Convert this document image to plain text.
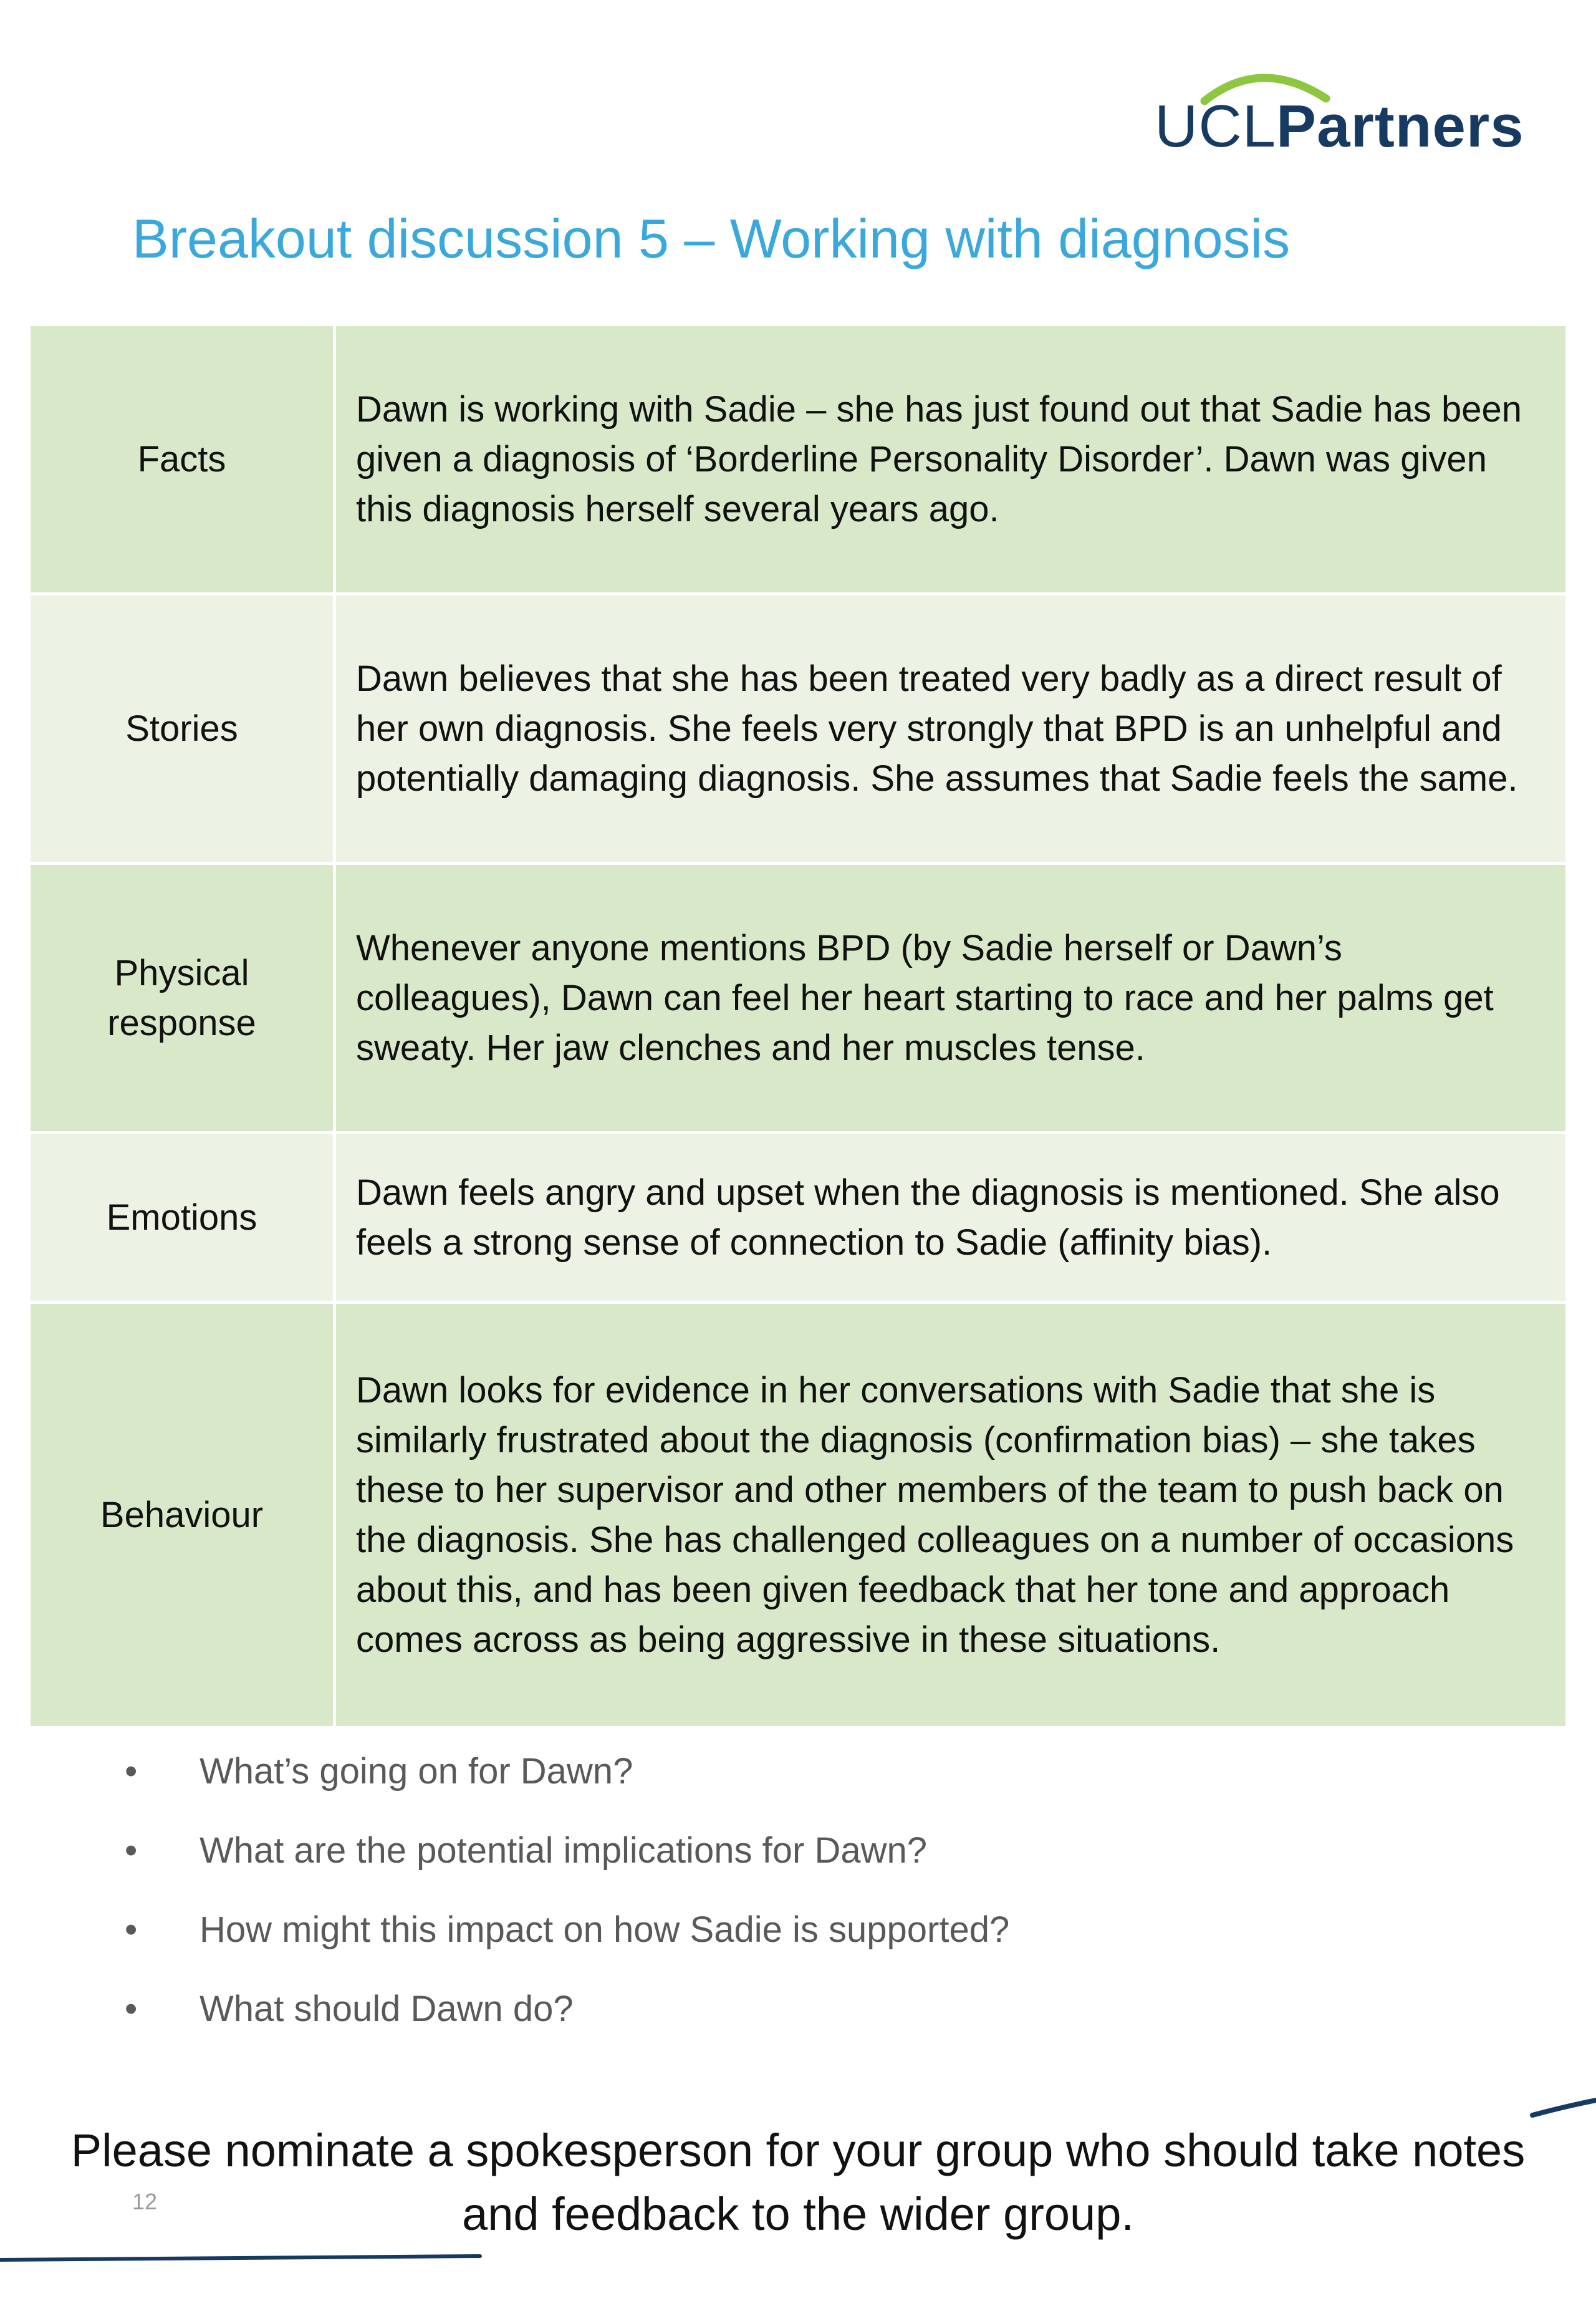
UCLPartners
Breakout discussion 5 – Working with diagnosis
Facts	Dawn is working with Sadie – she has just found out that Sadie has been given a diagnosis of ‘Borderline Personality Disorder’. Dawn was given this diagnosis herself several years ago.
Stories	Dawn believes that she has been treated very badly as a direct result of her own diagnosis. She feels very strongly that BPD is an unhelpful and potentially damaging diagnosis. She assumes that Sadie feels the same.
Physical response	Whenever anyone mentions BPD (by Sadie herself or Dawn’s colleagues), Dawn can feel her heart starting to race and her palms get sweaty. Her jaw clenches and her muscles tense.
Emotions	Dawn feels angry and upset when the diagnosis is mentioned. She also feels a strong sense of connection to Sadie (affinity bias).
Behaviour	Dawn looks for evidence in her conversations with Sadie that she is similarly frustrated about the diagnosis (confirmation bias) – she takes these to her supervisor and other members of the team to push back on the diagnosis. She has challenged colleagues on a number of occasions about this, and has been given feedback that her tone and approach comes across as being aggressive in these situations.
• What’s going on for Dawn?
• What are the potential implications for Dawn?
• How might this impact on how Sadie is supported?
• What should Dawn do?
Please nominate a spokesperson for your group who should take notes and feedback to the wider group.
12
